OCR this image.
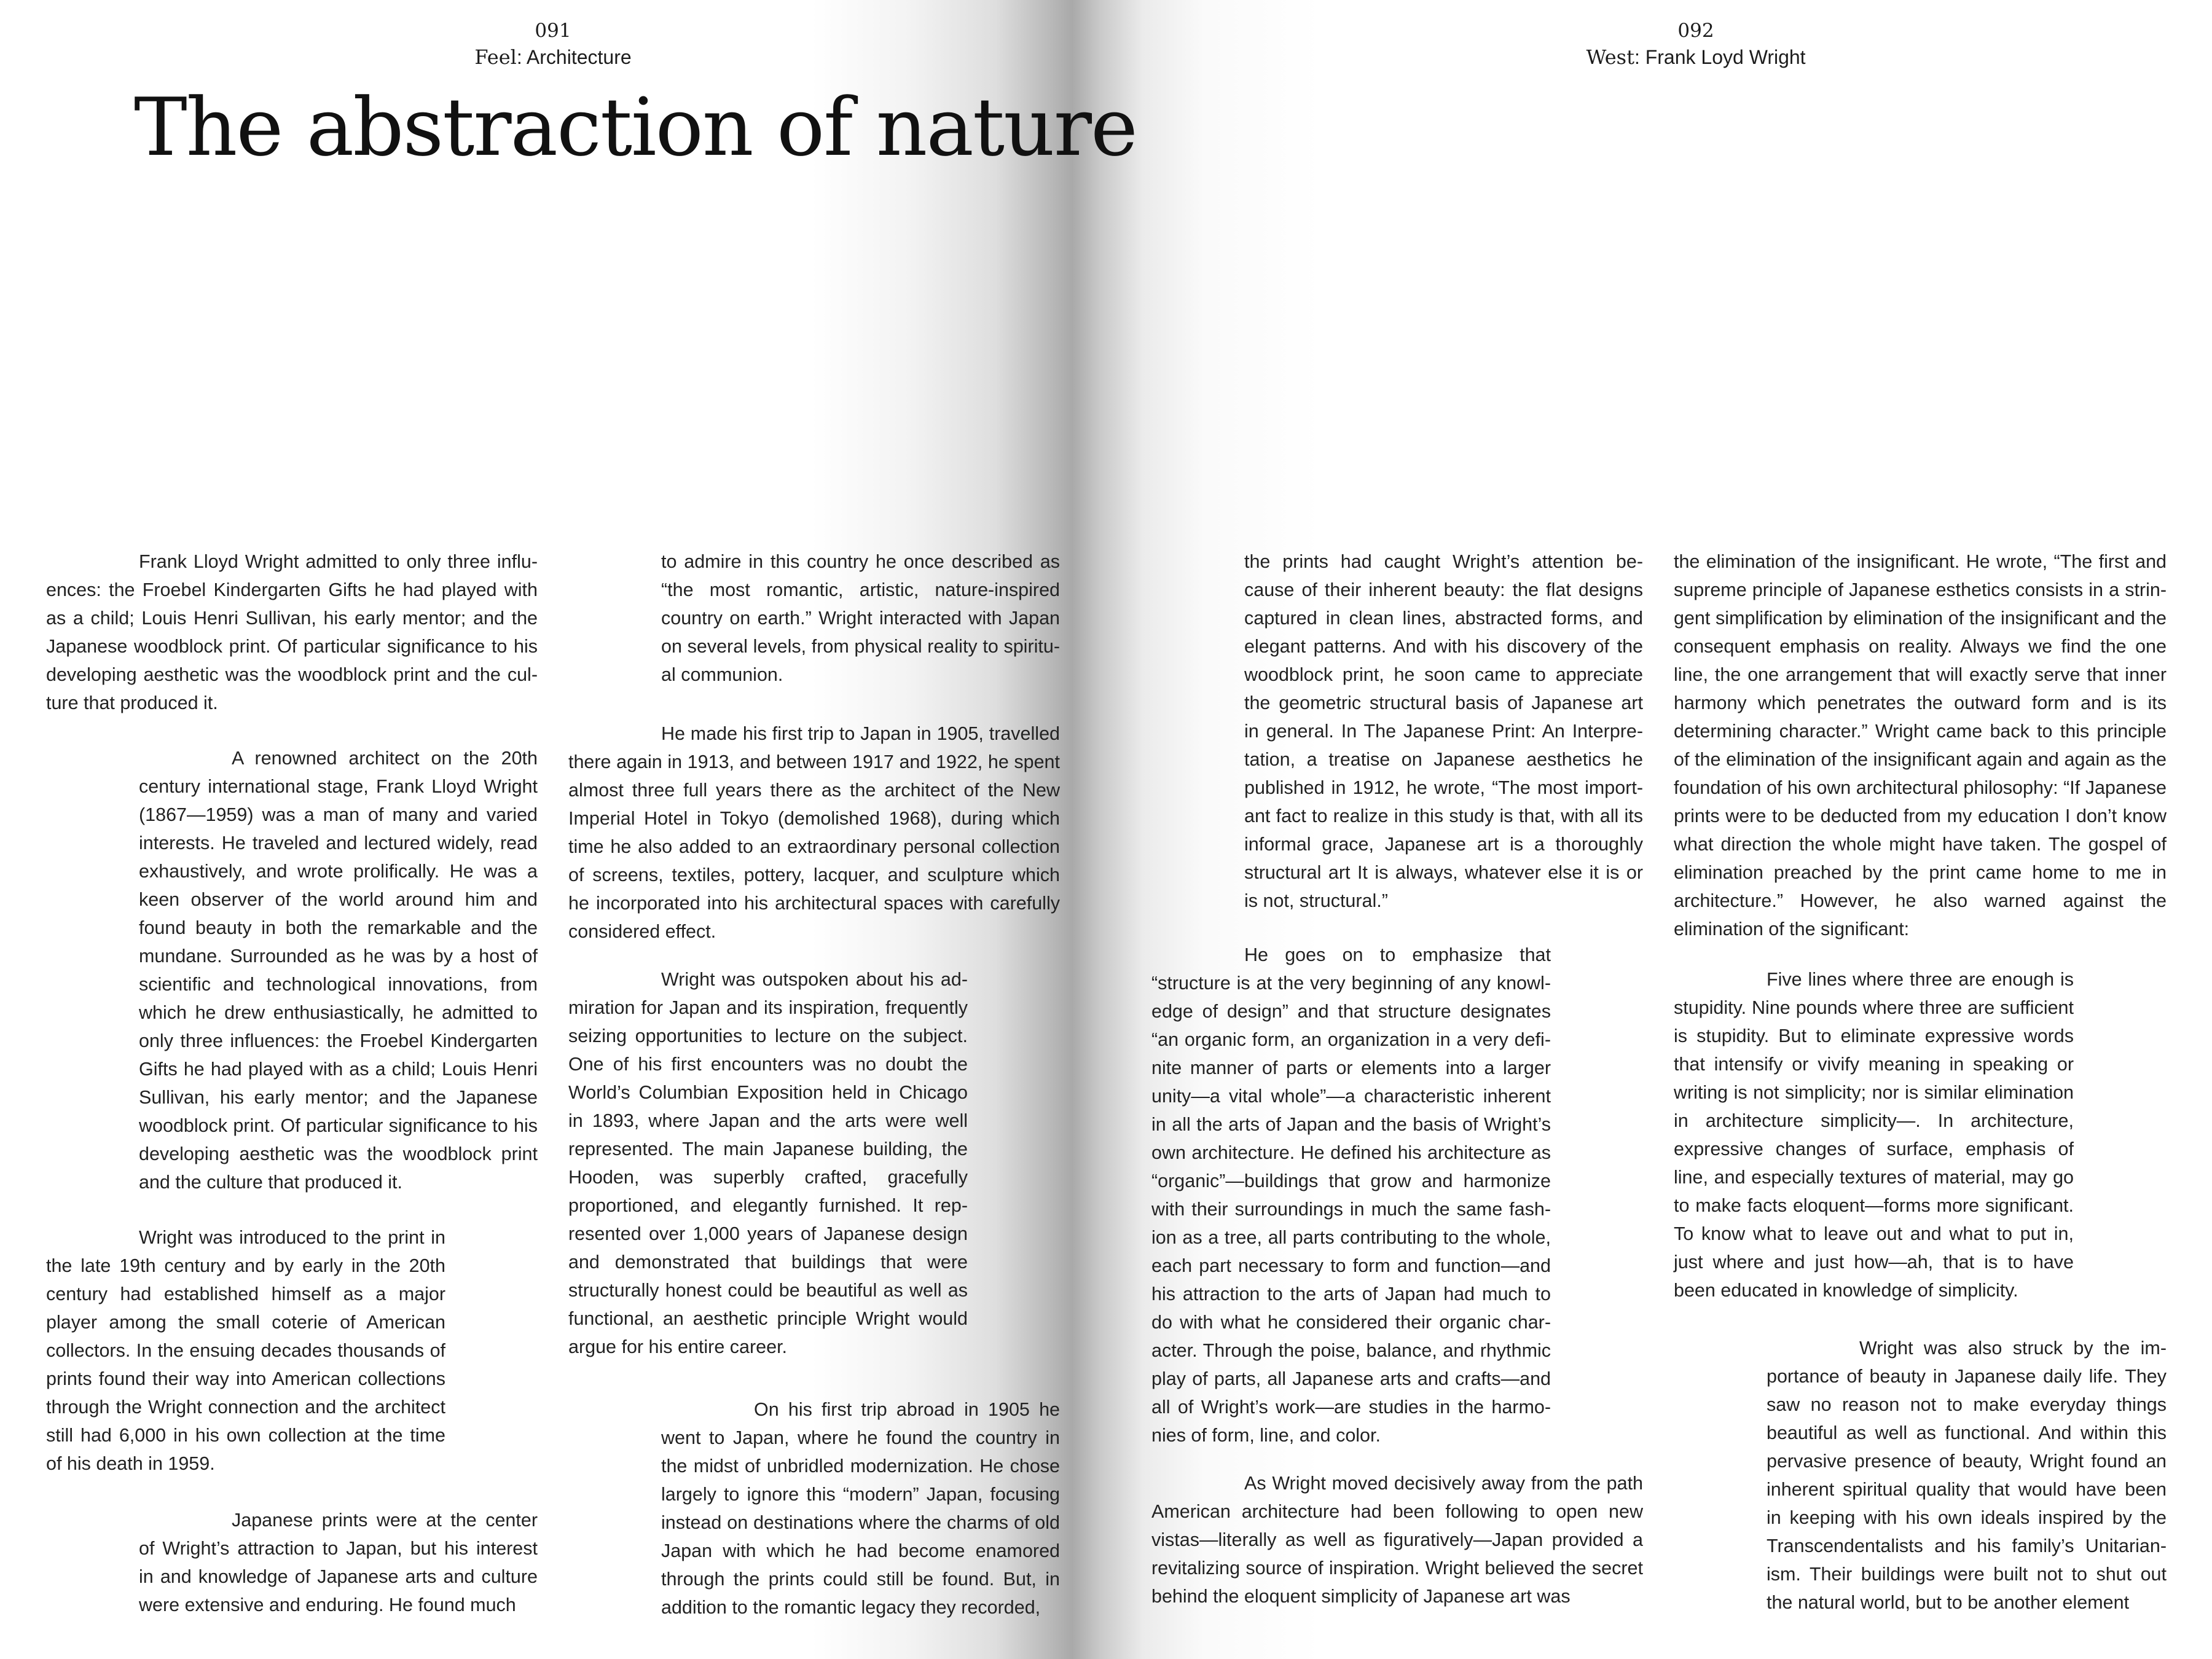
091
Feel: Architecture
092
West: Frank Loyd Wright
The abstraction of nature

Frank Lloyd Wright admitted to only three influences: the Froebel Kindergarten Gifts he had played with as a child; Louis Henri Sullivan, his early mentor; and the Japanese woodblock print. Of particular significance to his developing aesthetic was the woodblock print and the culture that produced it.

A renowned architect on the 20th century international stage, Frank Lloyd Wright (1867—1959) was a man of many and varied interests. He traveled and lectured widely, read exhaustively, and wrote prolifically. He was a keen observer of the world around him and found beauty in both the remarkable and the mundane. Surrounded as he was by a host of scientific and technological innovations, from which he drew enthusiastically, he admitted to only three influences: the Froebel Kindergarten Gifts he had played with as a child; Louis Henri Sullivan, his early mentor; and the Japanese woodblock print. Of particular significance to his developing aesthetic was the woodblock print and the culture that produced it.

Wright was introduced to the print in the late 19th century and by early in the 20th century had established himself as a major player among the small coterie of American collectors. In the ensuing decades thousands of prints found their way into American collections through the Wright connection and the architect still had 6,000 in his own collection at the time of his death in 1959.

Japanese prints were at the center of Wright’s attraction to Japan, but his interest in and knowledge of Japanese arts and culture were extensive and enduring. He found much

to admire in this country he once described as “the most romantic, artistic, nature-inspired country on earth.” Wright interacted with Japan on several levels, from physical reality to spiritual communion.

He made his first trip to Japan in 1905, travelled there again in 1913, and between 1917 and 1922, he spent almost three full years there as the architect of the New Imperial Hotel in Tokyo (demolished 1968), during which time he also added to an extraordinary personal collection of screens, textiles, pottery, lacquer, and sculpture which he incorporated into his architectural spaces with carefully considered effect.

Wright was outspoken about his admiration for Japan and its inspiration, frequently seizing opportunities to lecture on the subject. One of his first encounters was no doubt the World’s Columbian Exposition held in Chicago in 1893, where Japan and the arts were well represented. The main Japanese building, the Hooden, was superbly crafted, gracefully proportioned, and elegantly furnished. It represented over 1,000 years of Japanese design and demonstrated that buildings that were structurally honest could be beautiful as well as functional, an aesthetic principle Wright would argue for his entire career.

On his first trip abroad in 1905 he went to Japan, where he found the country in the midst of unbridled modernization. He chose largely to ignore this “modern” Japan, focusing instead on destinations where the charms of old Japan with which he had become enamored through the prints could still be found. But, in addition to the romantic legacy they recorded,

the prints had caught Wright’s attention because of their inherent beauty: the flat designs captured in clean lines, abstracted forms, and elegant patterns. And with his discovery of the woodblock print, he soon came to appreciate the geometric structural basis of Japanese art in general. In The Japanese Print: An Interpretation, a treatise on Japanese aesthetics he published in 1912, he wrote, “The most important fact to realize in this study is that, with all its informal grace, Japanese art is a thoroughly structural art It is always, whatever else it is or is not, structural.”

He goes on to emphasize that “structure is at the very beginning of any knowledge of design” and that structure designates “an organic form, an organization in a very definite manner of parts or elements into a larger unity—a vital whole”—a characteristic inherent in all the arts of Japan and the basis of Wright’s own architecture. He defined his architecture as “organic”—buildings that grow and harmonize with their surroundings in much the same fashion as a tree, all parts contributing to the whole, each part necessary to form and function—and his attraction to the arts of Japan had much to do with what he considered their organic character. Through the poise, balance, and rhythmic play of parts, all Japanese arts and crafts—and all of Wright’s work—are studies in the harmonies of form, line, and color.

As Wright moved decisively away from the path American architecture had been following to open new vistas—literally as well as figuratively—Japan provided a revitalizing source of inspiration. Wright believed the secret behind the eloquent simplicity of Japanese art was

the elimination of the insignificant. He wrote, “The first and supreme principle of Japanese esthetics consists in a stringent simplification by elimination of the insignificant and the consequent emphasis on reality. Always we find the one line, the one arrangement that will exactly serve that inner harmony which penetrates the outward form and is its determining character.” Wright came back to this principle of the elimination of the insignificant again and again as the foundation of his own architectural philosophy: “If Japanese prints were to be deducted from my education I don’t know what direction the whole might have taken. The gospel of elimination preached by the print came home to me in architecture.” However, he also warned against the elimination of the significant:

Five lines where three are enough is stupidity. Nine pounds where three are sufficient is stupidity. But to eliminate expressive words that intensify or vivify meaning in speaking or writing is not simplicity; nor is similar elimination in architecture simplicity—. In architecture, expressive changes of surface, emphasis of line, and especially textures of material, may go to make facts eloquent—forms more significant. To know what to leave out and what to put in, just where and just how—ah, that is to have been educated in knowledge of simplicity.

Wright was also struck by the importance of beauty in Japanese daily life. They saw no reason not to make everyday things beautiful as well as functional. And within this pervasive presence of beauty, Wright found an inherent spiritual quality that would have been in keeping with his own ideals inspired by the Transcendentalists and his family’s Unitarianism. Their buildings were built not to shut out the natural world, but to be another element
